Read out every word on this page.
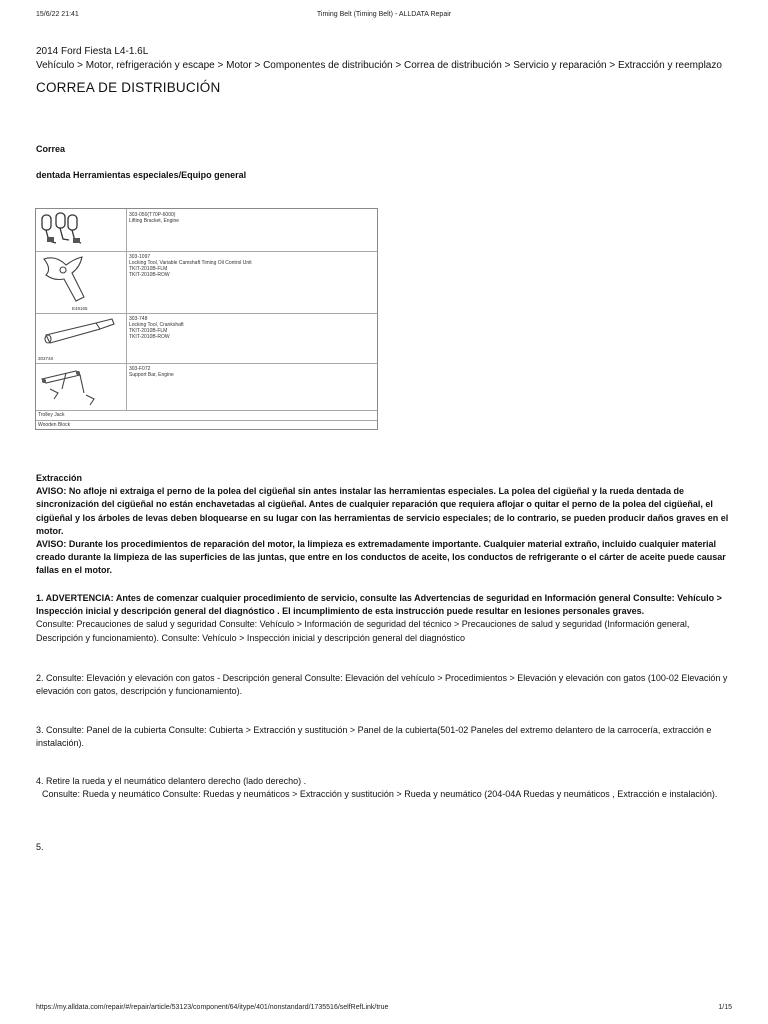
15/6/22 21:41	Timing Belt (Timing Belt) - ALLDATA Repair
2014 Ford Fiesta L4-1.6L
Vehículo > Motor, refrigeración y escape > Motor > Componentes de distribución > Correa de distribución > Servicio y reparación > Extracción y reemplazo
CORREA DE DISTRIBUCIÓN
Correa
dentada Herramientas especiales/Equipo general
303-050(T70P-6000)
Lifting Bracket, Engine
E49165
303-1097
Locking Tool, Variable Camshaft Timing Oil Control Unit
TKIT-2010B-FLM
TKIT-2010B-ROW
303748
303-748
Locking Tool, Crankshaft
TKIT-2010B-FLM
TKIT-2010B-ROW
303-F072
Support Bar, Engine
Trolley Jack
Wooden Block

Extracción

AVISO: No afloje ni extraiga el perno de la polea del cigüeñal sin antes instalar las herramientas especiales. La polea del cigüeñal y la rueda dentada de sincronización del cigüeñal no están enchavetadas al cigüeñal. Antes de cualquier reparación que requiera aflojar o quitar el perno de la polea del cigüeñal, el cigüeñal y los árboles de levas deben bloquearse en su lugar con las herramientas de servicio especiales; de lo contrario, se pueden producir daños graves en el motor.

AVISO: Durante los procedimientos de reparación del motor, la limpieza es extremadamente importante. Cualquier material extraño, incluido cualquier material creado durante la limpieza de las superficies de las juntas, que entre en los conductos de aceite, los conductos de refrigerante o el cárter de aceite puede causar fallas en el motor.

1. ADVERTENCIA: Antes de comenzar cualquier procedimiento de servicio, consulte las Advertencias de seguridad en Información general Consulte: Vehículo > Inspección inicial y descripción general del diagnóstico . El incumplimiento de esta instrucción puede resultar en lesiones personales graves.

Consulte: Precauciones de salud y seguridad Consulte: Vehículo > Información de seguridad del técnico > Precauciones de salud y seguridad (Información general, Descripción y funcionamiento). Consulte: Vehículo > Inspección inicial y descripción general del diagnóstico

2. Consulte: Elevación y elevación con gatos - Descripción general Consulte: Elevación del vehículo > Procedimientos > Elevación y elevación con gatos (100-02 Elevación y elevación con gatos, descripción y funcionamiento).

3. Consulte: Panel de la cubierta Consulte: Cubierta > Extracción y sustitución > Panel de la cubierta(501-02 Paneles del extremo delantero de la carrocería, extracción e instalación).

4. Retire la rueda y el neumático delantero derecho (lado derecho) .

Consulte: Rueda y neumático Consulte: Ruedas y neumáticos > Extracción y sustitución > Rueda y neumático (204-04A Ruedas y neumáticos , Extracción e instalación).

5.

https://my.alldata.com/repair/#/repair/article/53123/component/64/itype/401/nonstandard/1735516/selfRefLink/true	1/15
